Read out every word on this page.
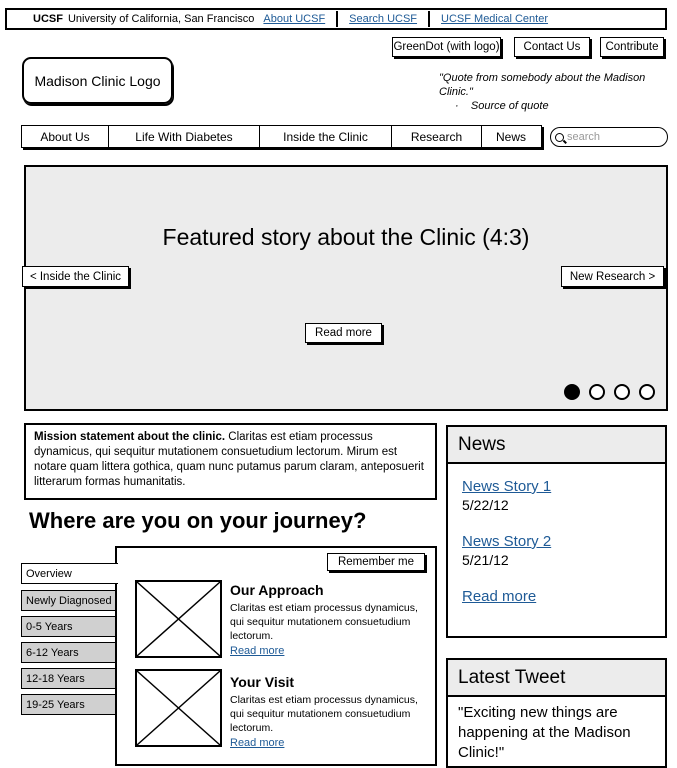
UCSF University of California, San Francisco About UCSF Search UCSF UCSF Medical Center
GreenDot (with logo)	Contact Us	Contribute
Madison Clinic Logo	"Quote from somebody about the Madison Clinic."
·    Source of quote
About Us	Life With Diabetes	Inside the Clinic	Research	News
search
Featured story about the Clinic (4:3)
Read more
< Inside the Clinic	New Research >
Mission statement about the clinic. Claritas est etiam processus dynamicus, qui sequitur mutationem consuetudium lectorum. Mirum est notare quam littera gothica, quam nunc putamus parum claram, anteposuerit litterarum formas humanitatis.
Where are you on your journey?
Overview
Newly Diagnosed
0-5 Years
6-12 Years
12-18 Years
19-25 Years
Remember me
Our Approach
Claritas est etiam processus dynamicus, qui sequitur mutationem consuetudium lectorum.
Read more
Your Visit
Claritas est etiam processus dynamicus, qui sequitur mutationem consuetudium lectorum.
Read more
News
News Story 1
5/22/12
News Story 2
5/21/12
Read more
Latest Tweet
"Exciting new things are happening at the Madison Clinic!"
